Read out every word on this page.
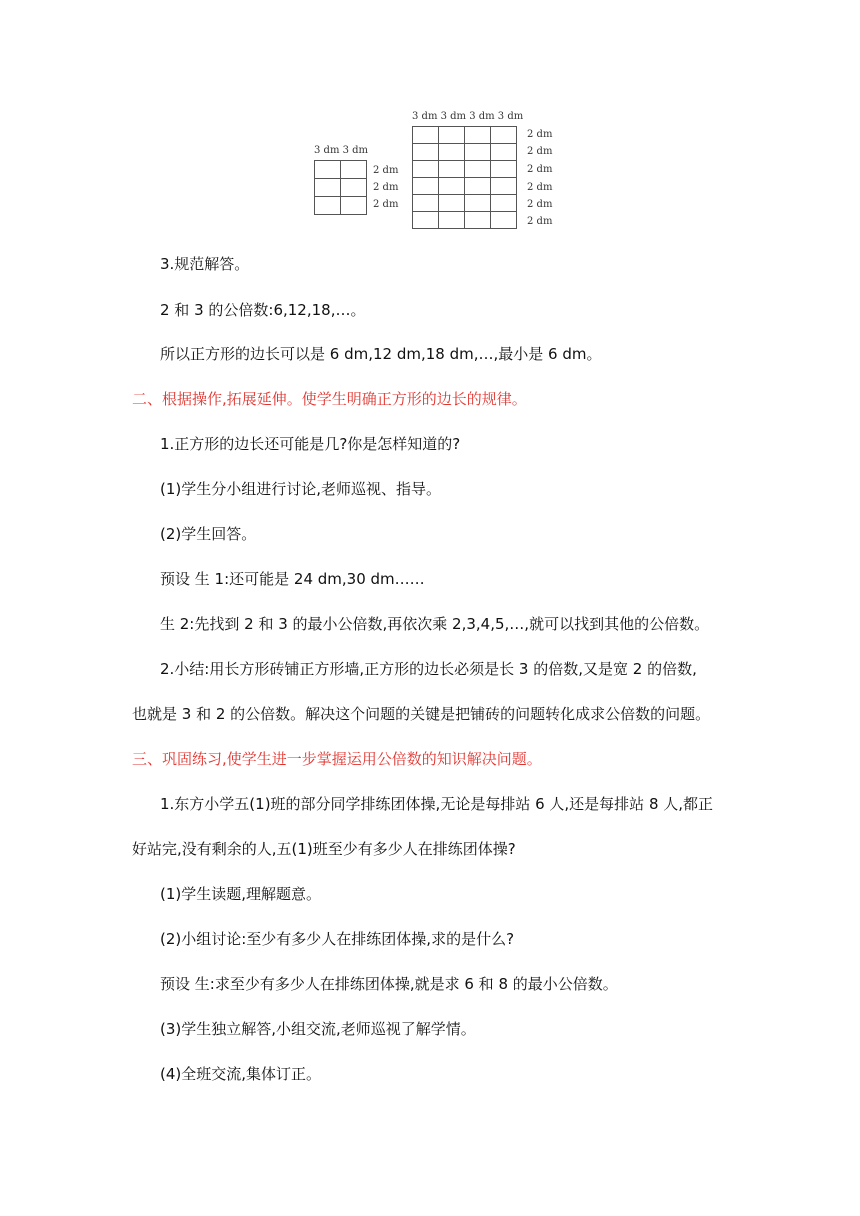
3 dm 3 dm

2 dm
2 dm
2 dm
3 dm 3 dm 3 dm 3 dm

2 dm
2 dm
2 dm
2 dm
2 dm
2 dm
3.规范解答。
2 和 3 的公倍数:6,12,18,…。
所以正方形的边长可以是 6 dm,12 dm,18 dm,…,最小是 6 dm。
二、根据操作,拓展延伸。使学生明确正方形的边长的规律。
1.正方形的边长还可能是几?你是怎样知道的?
(1)学生分小组进行讨论,老师巡视、指导。
(2)学生回答。
预设 生 1:还可能是 24 dm,30 dm……
生 2:先找到 2 和 3 的最小公倍数,再依次乘 2,3,4,5,…,就可以找到其他的公倍数。
2.小结:用长方形砖铺正方形墙,正方形的边长必须是长 3 的倍数,又是宽 2 的倍数,
也就是 3 和 2 的公倍数。解决这个问题的关键是把铺砖的问题转化成求公倍数的问题。
三、巩固练习,使学生进一步掌握运用公倍数的知识解决问题。
1.东方小学五(1)班的部分同学排练团体操,无论是每排站 6 人,还是每排站 8 人,都正
好站完,没有剩余的人,五(1)班至少有多少人在排练团体操?
(1)学生读题,理解题意。
(2)小组讨论:至少有多少人在排练团体操,求的是什么?
预设 生:求至少有多少人在排练团体操,就是求 6 和 8 的最小公倍数。
(3)学生独立解答,小组交流,老师巡视了解学情。
(4)全班交流,集体订正。
